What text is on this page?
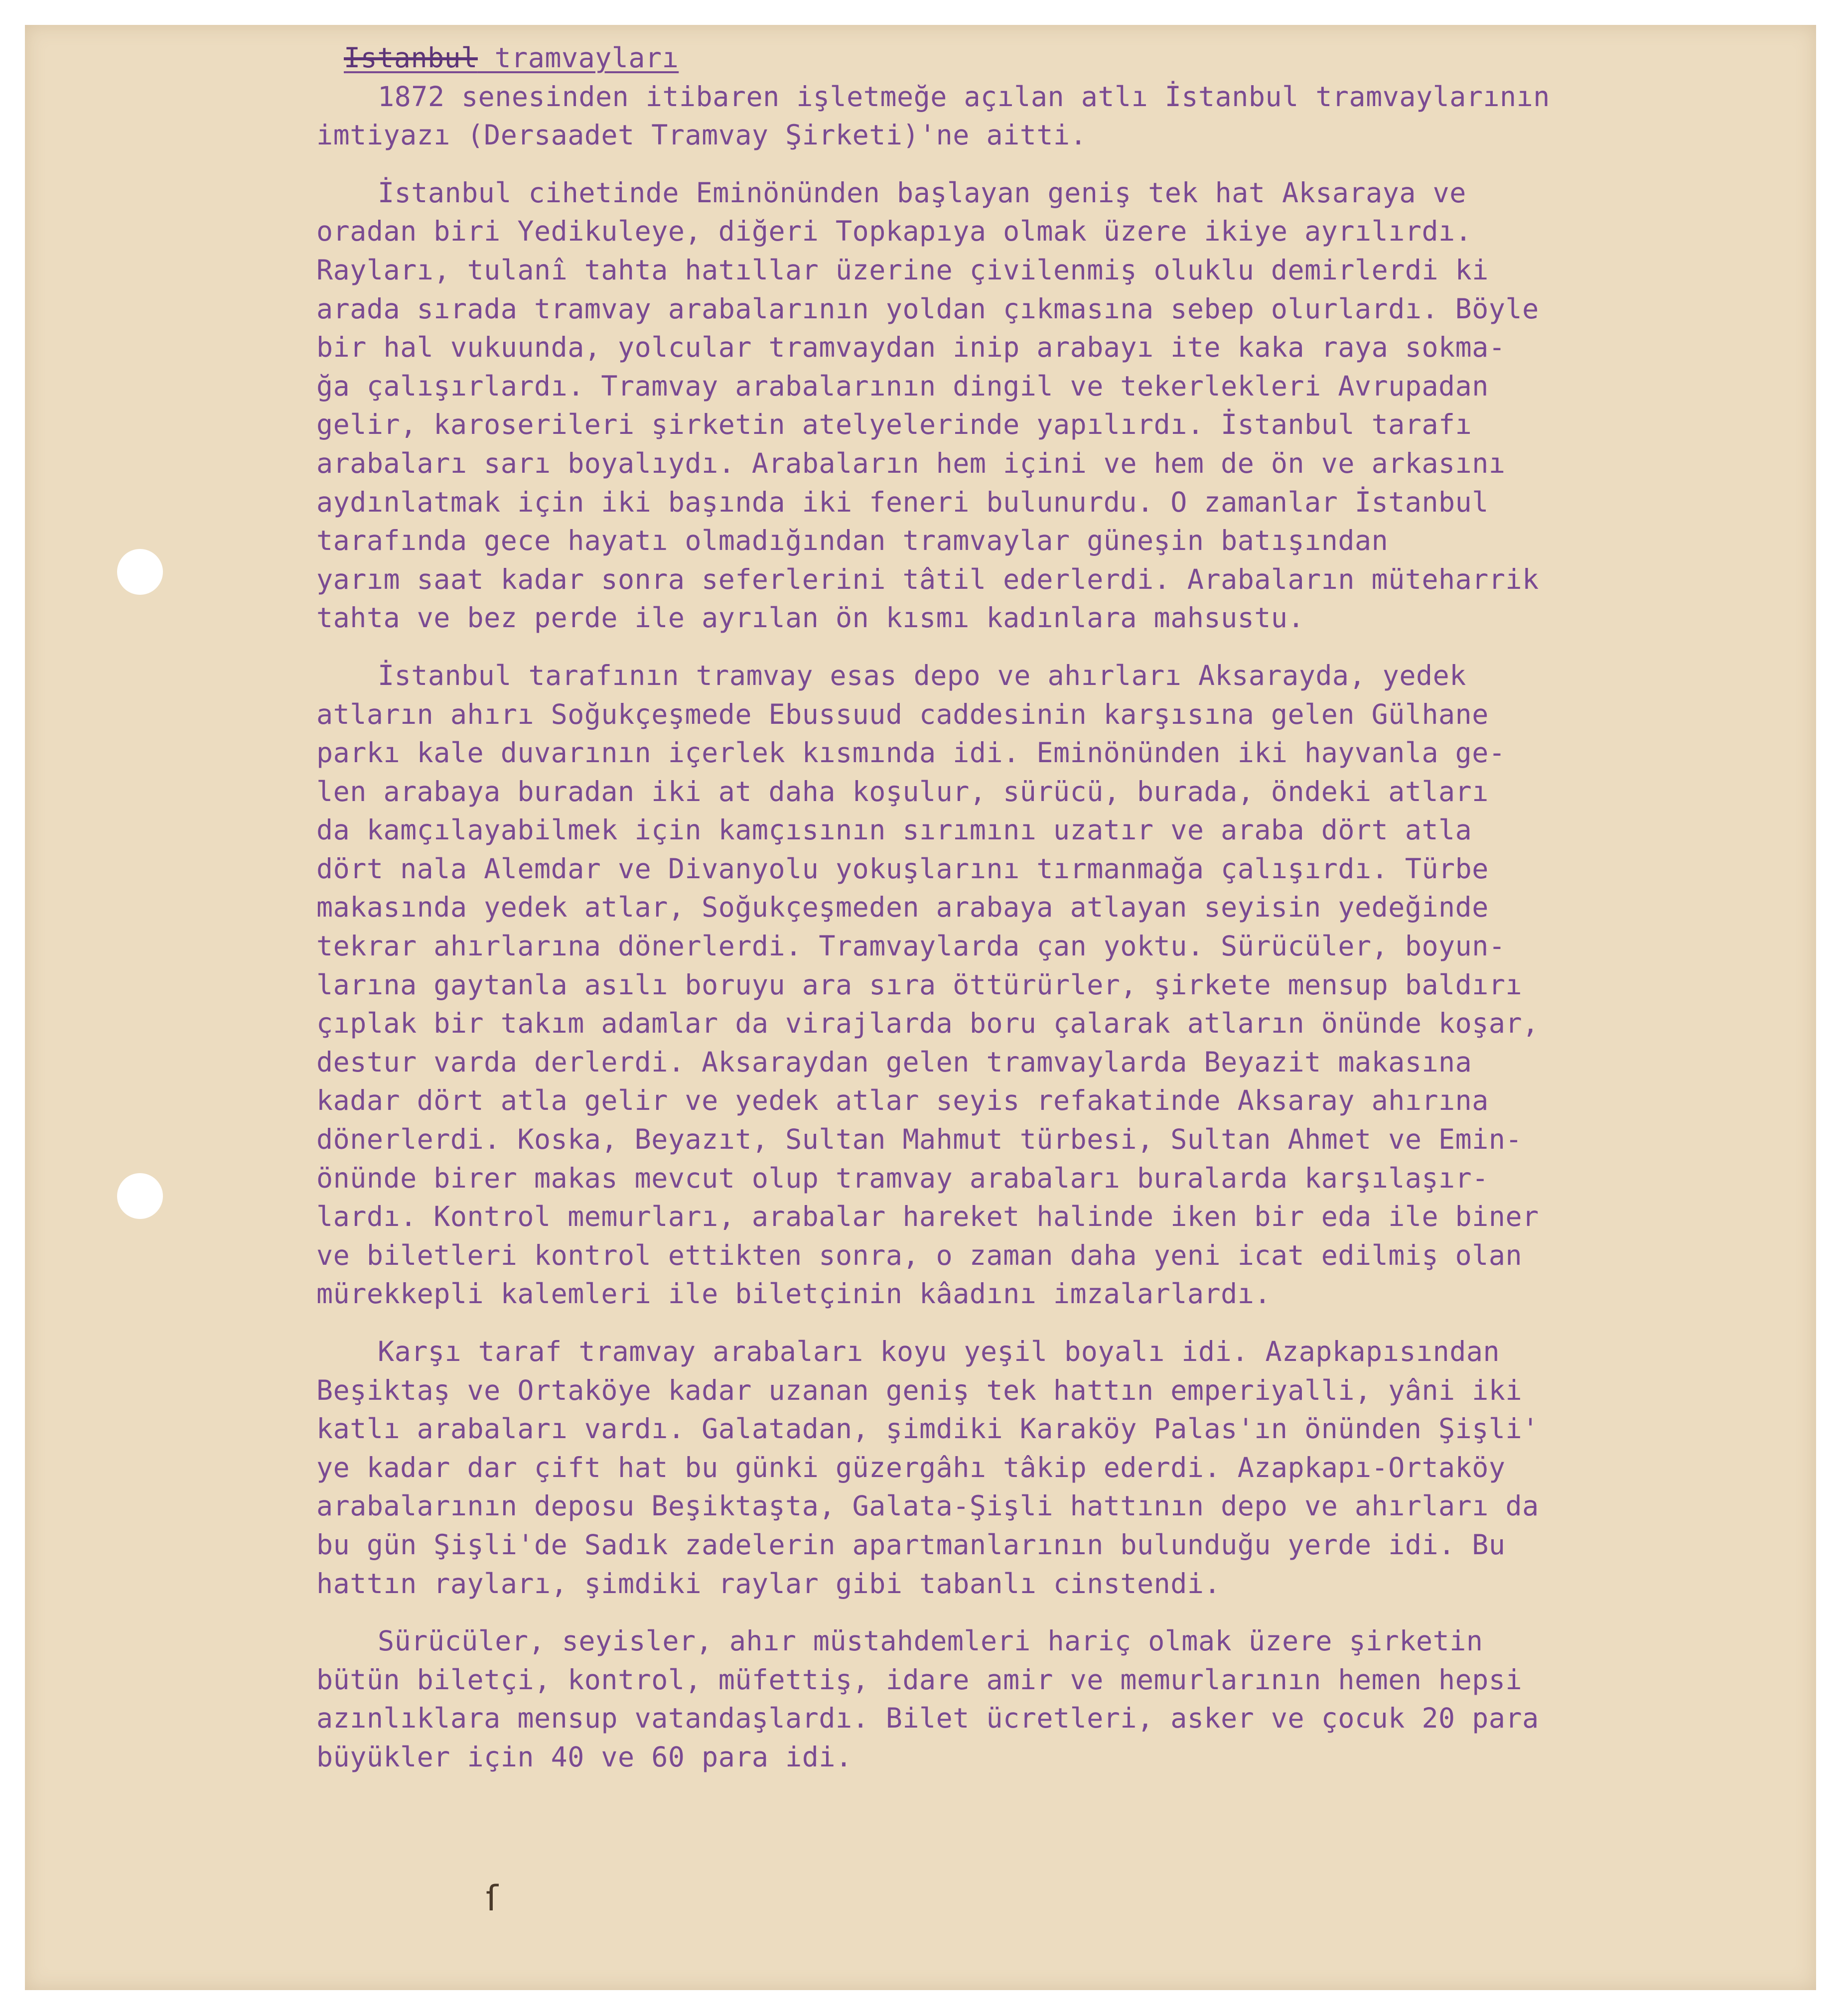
Istanbul tramvayları

1872 senesinden itibaren işletmeğe açılan atlı İstanbul tramvaylarının
imtiyazı (Dersaadet Tramvay Şirketi)'ne aitti.

İstanbul cihetinde Eminönünden başlayan geniş tek hat Aksaraya ve
oradan biri Yedikuleye, diğeri Topkapıya olmak üzere ikiye ayrılırdı.
Rayları, tulanî tahta hatıllar üzerine çivilenmiş oluklu demirlerdi ki
arada sırada tramvay arabalarının yoldan çıkmasına sebep olurlardı. Böyle
bir hal vukuunda, yolcular tramvaydan inip arabayı ite kaka raya sokma-
ğa çalışırlardı. Tramvay arabalarının dingil ve tekerlekleri Avrupadan
gelir, karoserileri şirketin atelyelerinde yapılırdı. İstanbul tarafı
arabaları sarı boyalıydı. Arabaların hem içini ve hem de ön ve arkasını
aydınlatmak için iki başında iki feneri bulunurdu. O zamanlar İstanbul
tarafında gece hayatı olmadığından tramvaylar güneşin batışından
yarım saat kadar sonra seferlerini tâtil ederlerdi. Arabaların müteharrik
tahta ve bez perde ile ayrılan ön kısmı kadınlara mahsustu.

İstanbul tarafının tramvay esas depo ve ahırları Aksarayda, yedek
atların ahırı Soğukçeşmede Ebussuud caddesinin karşısına gelen Gülhane
parkı kale duvarının içerlek kısmında idi. Eminönünden iki hayvanla ge-
len arabaya buradan iki at daha koşulur, sürücü, burada, öndeki atları
da kamçılayabilmek için kamçısının sırımını uzatır ve araba dört atla
dört nala Alemdar ve Divanyolu yokuşlarını tırmanmağa çalışırdı. Türbe
makasında yedek atlar, Soğukçeşmeden arabaya atlayan seyisin yedeğinde
tekrar ahırlarına dönerlerdi. Tramvaylarda çan yoktu. Sürücüler, boyun-
larına gaytanla asılı boruyu ara sıra öttürürler, şirkete mensup baldırı
çıplak bir takım adamlar da virajlarda boru çalarak atların önünde koşar,
destur varda derlerdi. Aksaraydan gelen tramvaylarda Beyazit makasına
kadar dört atla gelir ve yedek atlar seyis refakatinde Aksaray ahırına
dönerlerdi. Koska, Beyazıt, Sultan Mahmut türbesi, Sultan Ahmet ve Emin-
önünde birer makas mevcut olup tramvay arabaları buralarda karşılaşır-
lardı. Kontrol memurları, arabalar hareket halinde iken bir eda ile biner
ve biletleri kontrol ettikten sonra, o zaman daha yeni icat edilmiş olan
mürekkepli kalemleri ile biletçinin kâadını imzalarlardı.

Karşı taraf tramvay arabaları koyu yeşil boyalı idi. Azapkapısından
Beşiktaş ve Ortaköye kadar uzanan geniş tek hattın emperiyalli, yâni iki
katlı arabaları vardı. Galatadan, şimdiki Karaköy Palas'ın önünden Şişli'
ye kadar dar çift hat bu günki güzergâhı tâkip ederdi. Azapkapı-Ortaköy
arabalarının deposu Beşiktaşta, Galata-Şişli hattının depo ve ahırları da
bu gün Şişli'de Sadık zadelerin apartmanlarının bulunduğu yerde idi. Bu
hattın rayları, şimdiki raylar gibi tabanlı cinstendi.

Sürücüler, seyisler, ahır müstahdemleri hariç olmak üzere şirketin
bütün biletçi, kontrol, müfettiş, idare amir ve memurlarının hemen hepsi
azınlıklara mensup vatandaşlardı. Bilet ücretleri, asker ve çocuk 20 para
büyükler için 40 ve 60 para idi.

ſ
